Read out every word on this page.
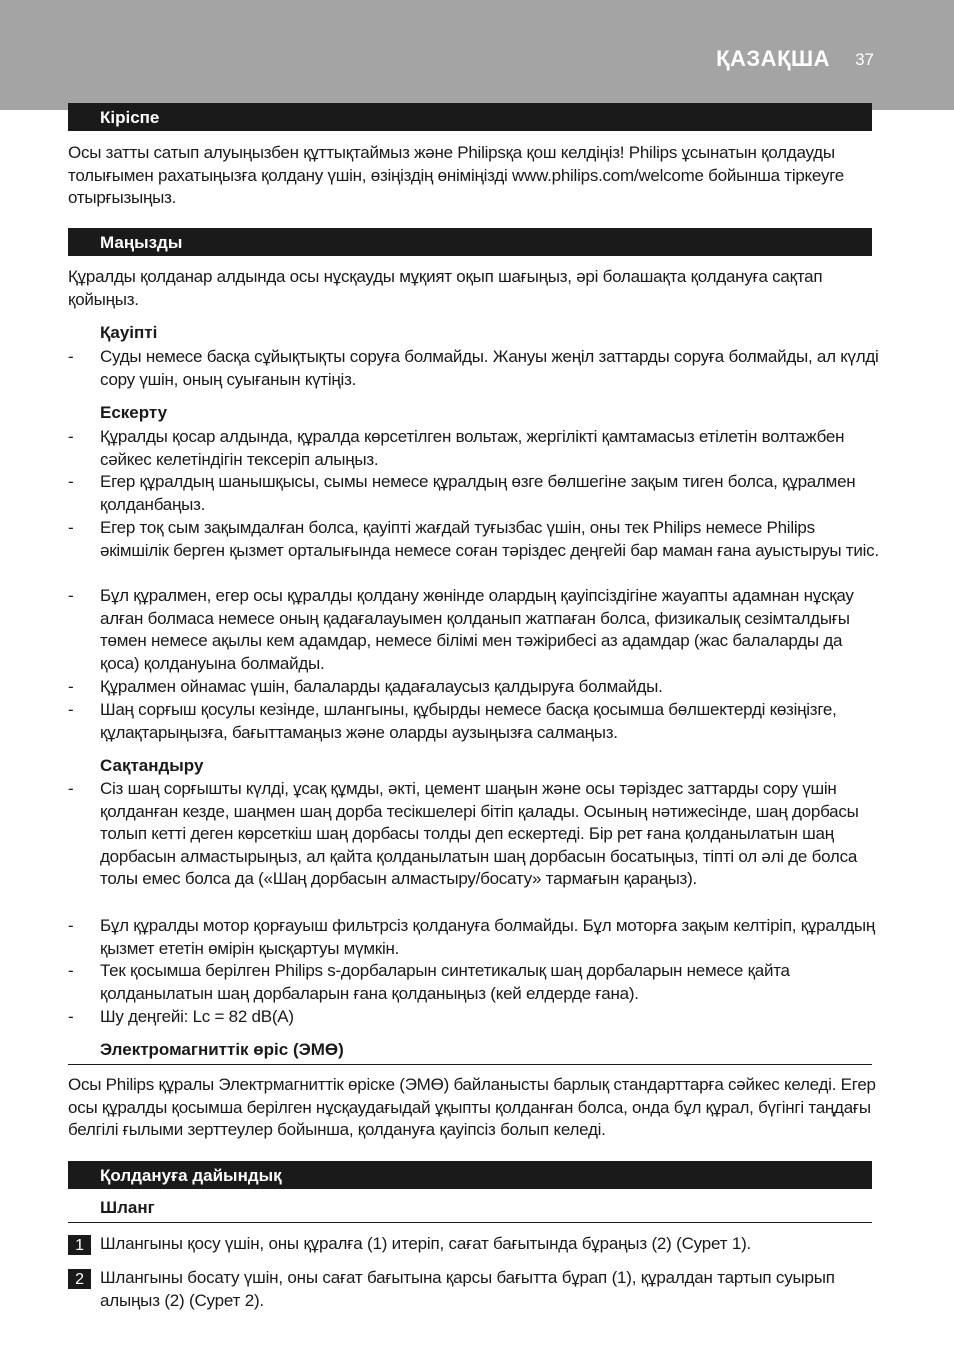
ҚАЗАҚША 37
Кіріспе

Осы затты сатып алуыңызбен құттықтаймыз және Philipsқа қош келдіңіз! Philips ұсынатын қолдауды толығымен рахатыңызға қолдану үшін, өзіңіздің өніміңізді www.philips.com/welcome бойынша тіркеуге отырғызыңыз.

Маңызды

Құралды қолданар алдында осы нұсқауды мұқият оқып шағыңыз, әрі болашақта қолдануға сақтап қойыңыз.

Қауіпті
- Суды немесе басқа сұйықтықты соруға болмайды. Жануы жеңіл заттарды соруға болмайды, ал күлді сору үшін, оның суығанын күтіңіз.
Ескерту
- Құралды қосар алдында, құралда көрсетілген вольтаж, жергілікті қамтамасыз етілетін волтажбен сәйкес келетіндігін тексеріп алыңыз.
- Егер құралдың шанышқысы, сымы немесе құралдың өзге бөлшегіне зақым тиген болса, құралмен қолданбаңыз.
- Егер тоқ сым зақымдалған болса, қауіпті жағдай туғызбас үшін, оны тек Philips немесе Philips әкімшілік берген қызмет орталығында немесе соған тәріздес деңгейі бар маман ғана ауыстыруы тиіс.
- Бұл құралмен, егер осы құралды қолдану жөнінде олардың қауіпсіздігіне жауапты адамнан нұсқау алған болмаса немесе оның қадағалауымен қолданып жатпаған болса, физикалық сезімталдығы төмен немесе ақылы кем адамдар, немесе білімі мен тәжірибесі аз адамдар (жас балаларды да қоса) қолдануына болмайды.
- Құралмен ойнамас үшін, балаларды қадағалаусыз қалдыруға болмайды.
- Шаң сорғыш қосулы кезінде, шлангыны, құбырды немесе басқа қосымша бөлшектерді көзіңізге, құлақтарыңызға, бағыттамаңыз және оларды аузыңызға салмаңыз.
Сақтандыру
- Сіз шаң сорғышты күлді, ұсақ құмды, әкті, цемент шаңын және осы тәріздес заттарды сору үшін қолданған кезде, шаңмен шаң дорба тесікшелері бітіп қалады. Осының нәтижесінде, шаң дорбасы толып кетті деген көрсеткіш шаң дорбасы толды деп ескертеді. Бір рет ғана қолданылатын шаң дорбасын алмастырыңыз, ал қайта қолданылатын шаң дорбасын босатыңыз, тіпті ол әлі де болса толы емес болса да («Шаң дорбасын алмастыру/босату» тармағын қараңыз).
- Бұл құралды мотор қорғауыш фильтрсіз қолдануға болмайды. Бұл моторға зақым келтіріп, құралдың қызмет ететін өмірін қысқартуы мүмкін.
- Тек қосымша берілген Philips s-дорбаларын синтетикалық шаң дорбаларын немесе қайта қолданылатын шаң дорбаларын ғана қолданыңыз (кей елдерде ғана).
- Шу деңгейі: Lc = 82 dB(A)
Электромагниттік өріс (ЭМӨ)

Осы Philips құралы Электрмагниттік өріске (ЭМӨ) байланысты барлық стандарттарға сәйкес келеді. Егер осы құралды қосымша берілген нұсқаудағыдай ұқыпты қолданған болса, онда бұл құрал, бүгінгі таңдағы белгілі ғылыми зерттеулер бойынша, қолдануға қауіпсіз болып келеді.

Қолдануға дайындық
Шланг
1 Шлангыны қосу үшін, оны құралға (1) итеріп, сағат бағытында бұраңыз (2) (Сурет 1).
2 Шлангыны босату үшін, оны сағат бағытына қарсы бағытта бұрап (1), құралдан тартып суырып алыңыз (2) (Сурет 2).
